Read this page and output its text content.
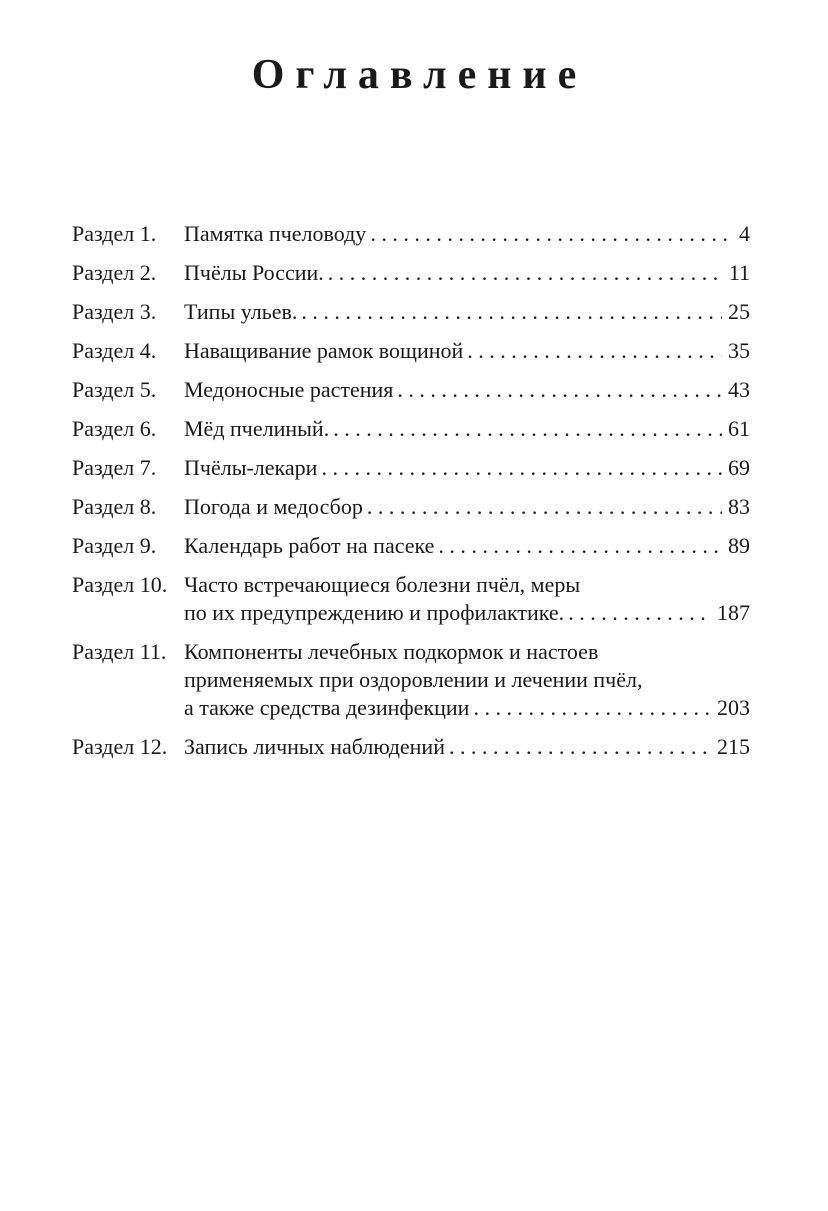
Оглавление
Раздел 1.	Памятка пчеловоду . . .	4
Раздел 2.	Пчёлы России. . . .	11
Раздел 3.	Типы ульев. . . .	25
Раздел 4.	Наващивание рамок вощиной . . .	35
Раздел 5.	Медоносные растения . . .	43
Раздел 6.	Мёд пчелиный. . . .	61
Раздел 7.	Пчёлы-лекари . . .	69
Раздел 8.	Погода и медосбор . . .	83
Раздел 9.	Календарь работ на пасеке . . .	89
Раздел 10. Часто встречающиеся болезни пчёл, меры
по их предупреждению и профилактике. . . .	187
Раздел 11. Компоненты лечебных подкормок и настоев
применяемых при оздоровлении и лечении пчёл,
а также средства дезинфекции . . .	203
Раздел 12. Запись личных наблюдений . . .	215
